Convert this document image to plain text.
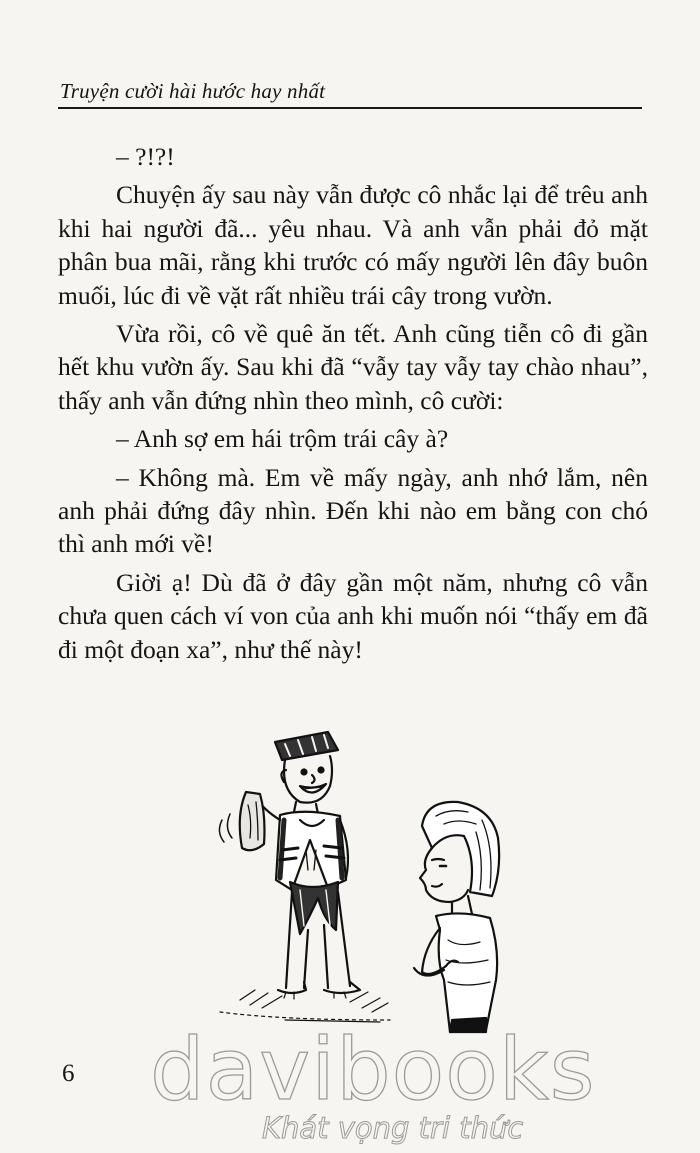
Truyện cười hài hước hay nhất

– ?!?!

Chuyện ấy sau này vẫn được cô nhắc lại để trêu anh khi hai người đã... yêu nhau. Và anh vẫn phải đỏ mặt phân bua mãi, rằng khi trước có mấy người lên đây buôn muối, lúc đi về vặt rất nhiều trái cây trong vườn.

Vừa rồi, cô về quê ăn tết. Anh cũng tiễn cô đi gần hết khu vườn ấy. Sau khi đã “vẫy tay vẫy tay chào nhau”, thấy anh vẫn đứng nhìn theo mình, cô cười:

– Anh sợ em hái trộm trái cây à?

– Không mà. Em về mấy ngày, anh nhớ lắm, nên anh phải đứng đây nhìn. Đến khi nào em bằng con chó thì anh mới về!

Giời ạ! Dù đã ở đây gần một năm, nhưng cô vẫn chưa quen cách ví von của anh khi muốn nói “thấy em đã đi một đoạn xa”, như thế này!

6 davibooks
Khát vọng tri thức
